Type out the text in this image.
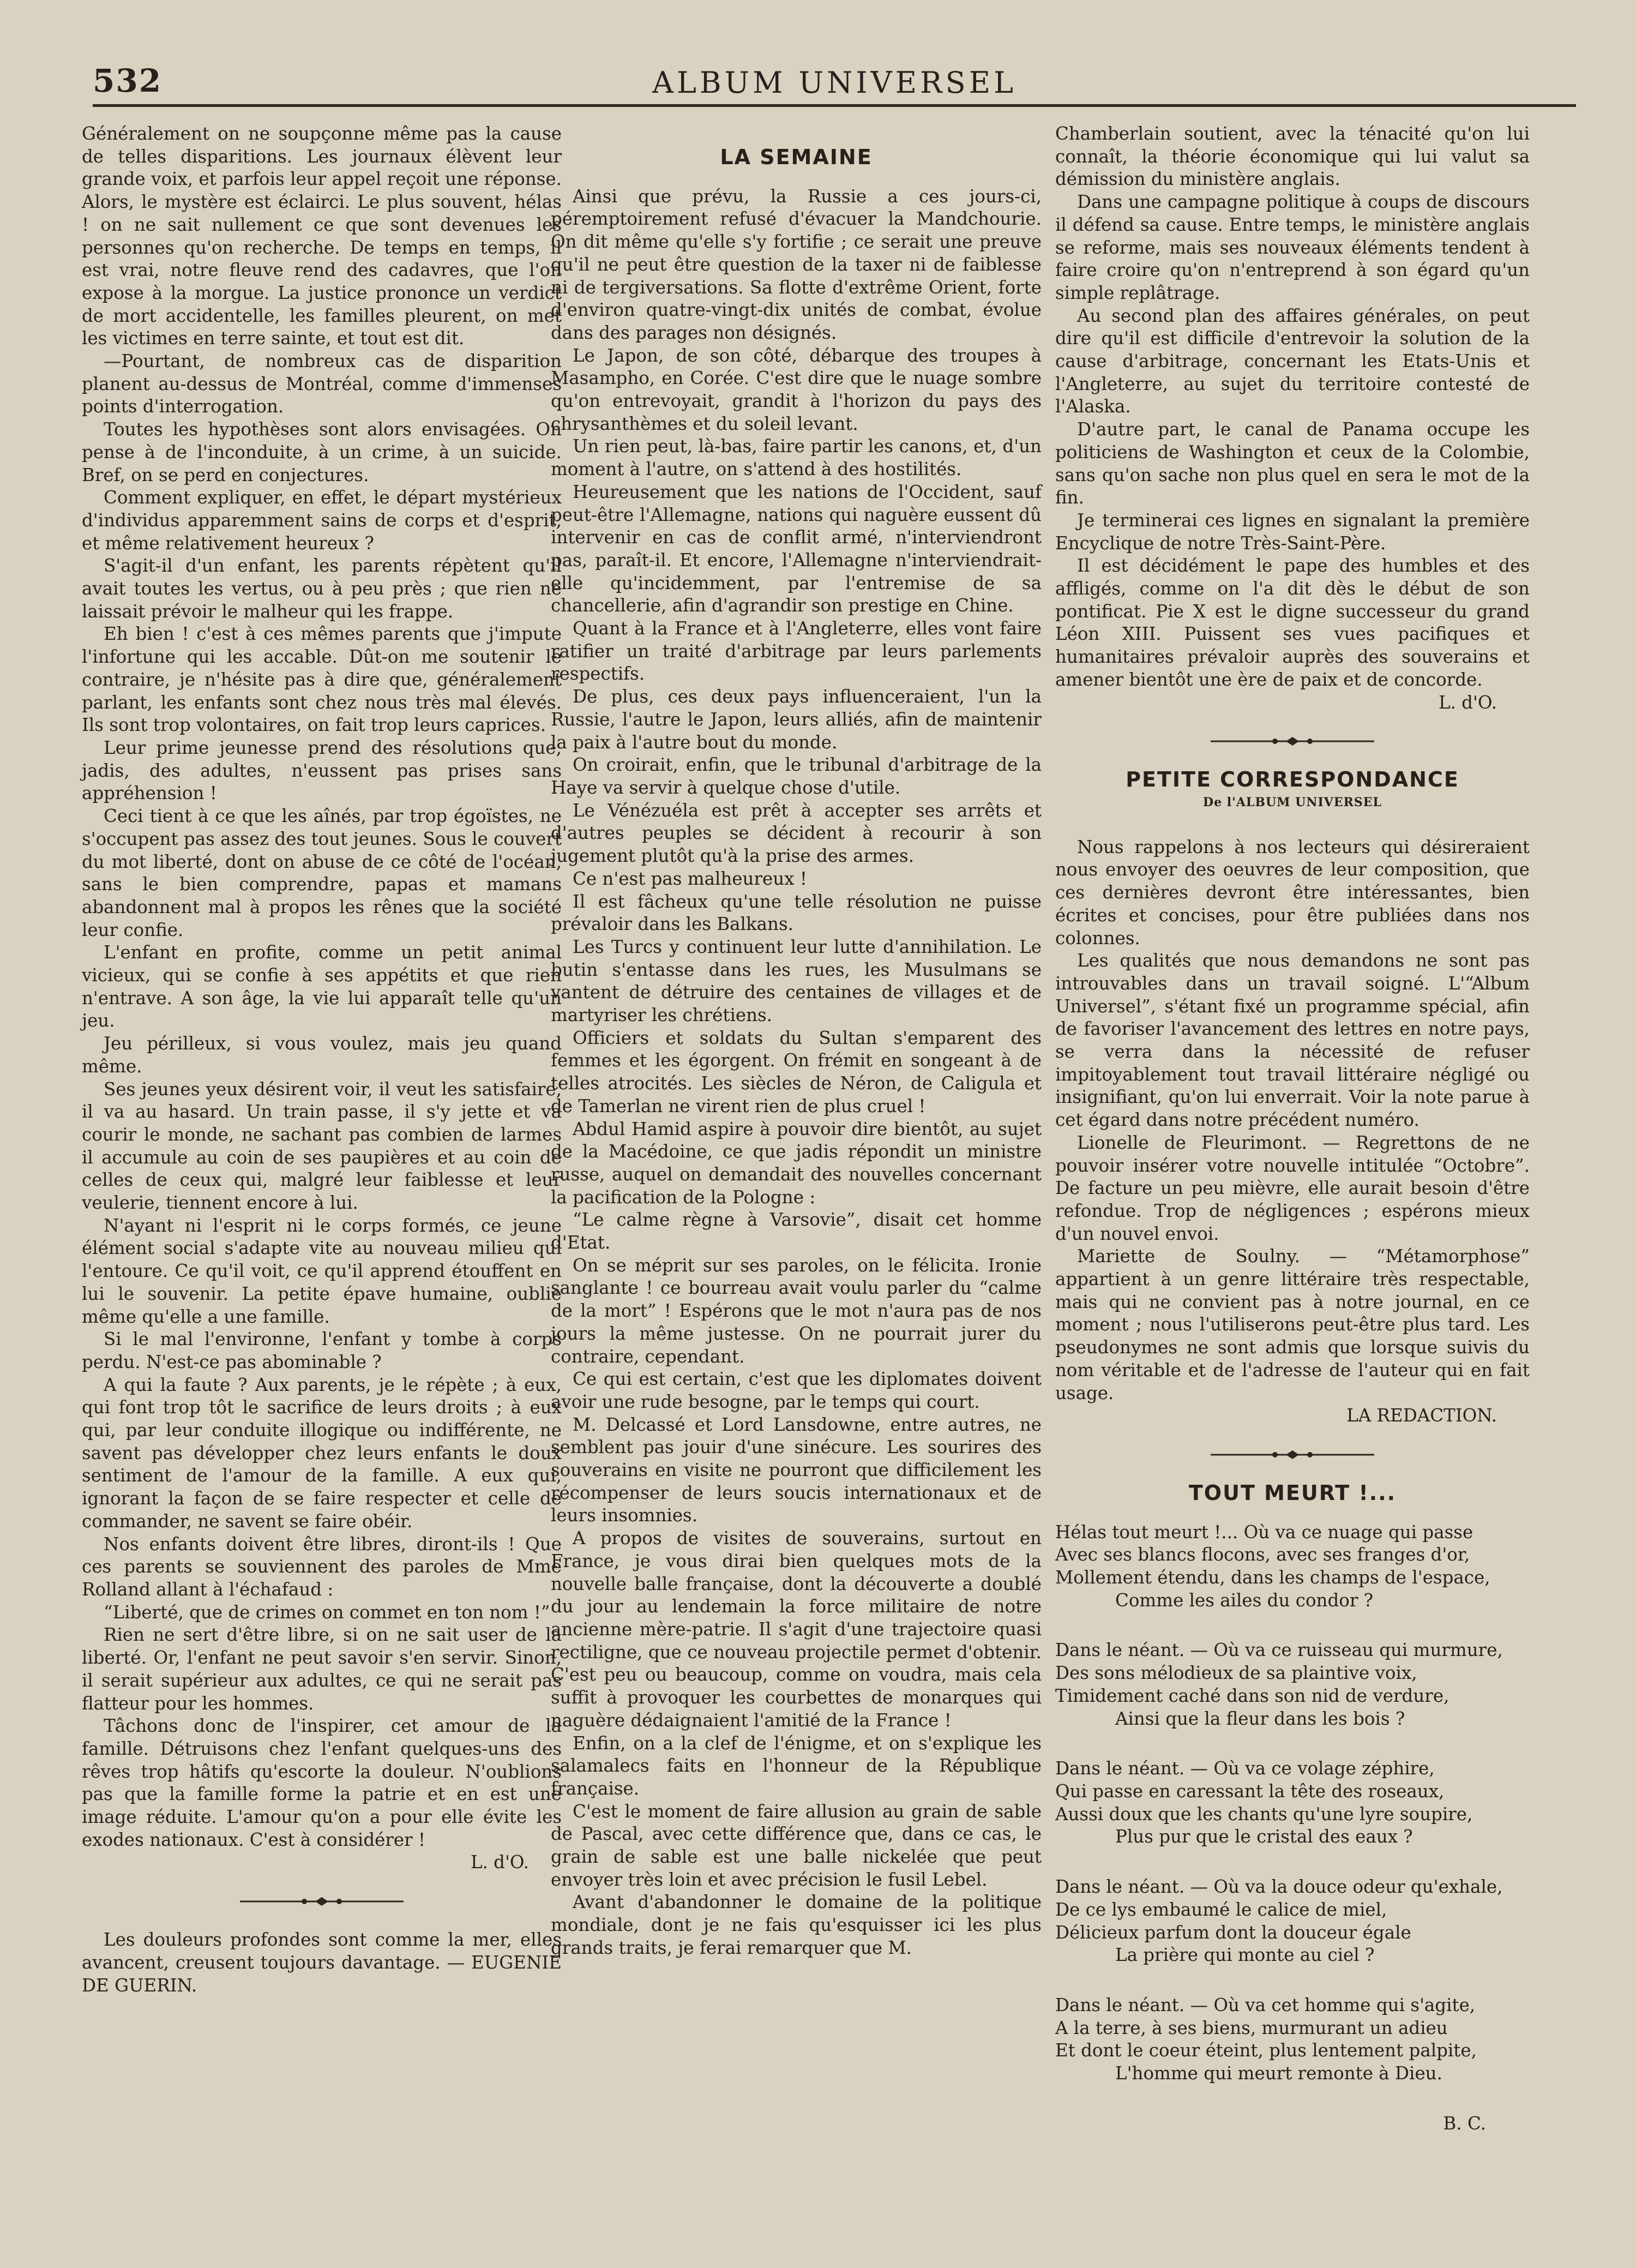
532	ALBUM UNIVERSEL

Généralement on ne soupçonne même pas la cause de telles disparitions. Les journaux élèvent leur grande voix, et parfois leur appel reçoit une réponse. Alors, le mystère est éclairci. Le plus souvent, hélas ! on ne sait nullement ce que sont devenues les personnes qu'on recherche. De temps en temps, il est vrai, notre fleuve rend des cadavres, que l'on expose à la morgue. La justice prononce un verdict de mort accidentelle, les familles pleurent, on met les victimes en terre sainte, et tout est dit.

—Pourtant, de nombreux cas de disparition planent au-dessus de Montréal, comme d'immenses points d'interrogation.

Toutes les hypothèses sont alors envisagées. On pense à de l'inconduite, à un crime, à un suicide. Bref, on se perd en conjectures.

Comment expliquer, en effet, le départ mystérieux d'individus apparemment sains de corps et d'esprit, et même relativement heureux ?

S'agit-il d'un enfant, les parents répètent qu'il avait toutes les vertus, ou à peu près ; que rien ne laissait prévoir le malheur qui les frappe.

Eh bien ! c'est à ces mêmes parents que j'impute l'infortune qui les accable. Dût-on me soutenir le contraire, je n'hésite pas à dire que, généralement parlant, les enfants sont chez nous très mal élevés. Ils sont trop volontaires, on fait trop leurs caprices.

Leur prime jeunesse prend des résolutions que, jadis, des adultes, n'eussent pas prises sans appréhension !

Ceci tient à ce que les aînés, par trop égoïstes, ne s'occupent pas assez des tout jeunes. Sous le couvert du mot liberté, dont on abuse de ce côté de l'océan, sans le bien comprendre, papas et mamans abandonnent mal à propos les rênes que la société leur confie.

L'enfant en profite, comme un petit animal vicieux, qui se confie à ses appétits et que rien n'entrave. A son âge, la vie lui apparaît telle qu'un jeu.

Jeu périlleux, si vous voulez, mais jeu quand même.

Ses jeunes yeux désirent voir, il veut les satisfaire, il va au hasard. Un train passe, il s'y jette et va courir le monde, ne sachant pas combien de larmes il accumule au coin de ses paupières et au coin de celles de ceux qui, malgré leur faiblesse et leur veulerie, tiennent encore à lui.

N'ayant ni l'esprit ni le corps formés, ce jeune élément social s'adapte vite au nouveau milieu qui l'entoure. Ce qu'il voit, ce qu'il apprend étouffent en lui le souvenir. La petite épave humaine, oublie même qu'elle a une famille.

Si le mal l'environne, l'enfant y tombe à corps perdu. N'est-ce pas abominable ?

A qui la faute ? Aux parents, je le répète ; à eux, qui font trop tôt le sacrifice de leurs droits ; à eux qui, par leur conduite illogique ou indifférente, ne savent pas développer chez leurs enfants le doux sentiment de l'amour de la famille. A eux qui, ignorant la façon de se faire respecter et celle de commander, ne savent se faire obéir.

Nos enfants doivent être libres, diront-ils ! Que ces parents se souviennent des paroles de Mme Rolland allant à l'échafaud :

“Liberté, que de crimes on commet en ton nom !”

Rien ne sert d'être libre, si on ne sait user de la liberté. Or, l'enfant ne peut savoir s'en servir. Sinon, il serait supérieur aux adultes, ce qui ne serait pas flatteur pour les hommes.

Tâchons donc de l'inspirer, cet amour de la famille. Détruisons chez l'enfant quelques-uns des rêves trop hâtifs qu'escorte la douleur. N'oublions pas que la famille forme la patrie et en est une image réduite. L'amour qu'on a pour elle évite les exodes nationaux. C'est à considérer !

L. d'O.

Les douleurs profondes sont comme la mer, elles avancent, creusent toujours davantage. — EUGENIE DE GUERIN.

LA SEMAINE

Ainsi que prévu, la Russie a ces jours-ci, péremptoirement refusé d'évacuer la Mandchourie. On dit même qu'elle s'y fortifie ; ce serait une preuve qu'il ne peut être question de la taxer ni de faiblesse ni de tergiversations. Sa flotte d'extrême Orient, forte d'environ quatre-vingt-dix unités de combat, évolue dans des parages non désignés.

Le Japon, de son côté, débarque des troupes à Masampho, en Corée. C'est dire que le nuage sombre qu'on entrevoyait, grandit à l'horizon du pays des chrysanthèmes et du soleil levant.

Un rien peut, là-bas, faire partir les canons, et, d'un moment à l'autre, on s'attend à des hostilités.

Heureusement que les nations de l'Occident, sauf peut-être l'Allemagne, nations qui naguère eussent dû intervenir en cas de conflit armé, n'interviendront pas, paraît-il. Et encore, l'Allemagne n'interviendrait-elle qu'incidemment, par l'entremise de sa chancellerie, afin d'agrandir son prestige en Chine.

Quant à la France et à l'Angleterre, elles vont faire ratifier un traité d'arbitrage par leurs parlements respectifs.

De plus, ces deux pays influenceraient, l'un la Russie, l'autre le Japon, leurs alliés, afin de maintenir la paix à l'autre bout du monde.

On croirait, enfin, que le tribunal d'arbitrage de la Haye va servir à quelque chose d'utile.

Le Vénézuéla est prêt à accepter ses arrêts et d'autres peuples se décident à recourir à son jugement plutôt qu'à la prise des armes.

Ce n'est pas malheureux !

Il est fâcheux qu'une telle résolution ne puisse prévaloir dans les Balkans.

Les Turcs y continuent leur lutte d'annihilation. Le butin s'entasse dans les rues, les Musulmans se vantent de détruire des centaines de villages et de martyriser les chrétiens.

Officiers et soldats du Sultan s'emparent des femmes et les égorgent. On frémit en songeant à de telles atrocités. Les siècles de Néron, de Caligula et de Tamerlan ne virent rien de plus cruel !

Abdul Hamid aspire à pouvoir dire bientôt, au sujet de la Macédoine, ce que jadis répondit un ministre russe, auquel on demandait des nouvelles concernant la pacification de la Pologne :

“Le calme règne à Varsovie”, disait cet homme d'Etat.

On se méprit sur ses paroles, on le félicita. Ironie sanglante ! ce bourreau avait voulu parler du “calme de la mort” ! Espérons que le mot n'aura pas de nos jours la même justesse. On ne pourrait jurer du contraire, cependant.

Ce qui est certain, c'est que les diplomates doivent avoir une rude besogne, par le temps qui court.

M. Delcassé et Lord Lansdowne, entre autres, ne semblent pas jouir d'une sinécure. Les sourires des souverains en visite ne pourront que difficilement les récompenser de leurs soucis internationaux et de leurs insomnies.

A propos de visites de souverains, surtout en France, je vous dirai bien quelques mots de la nouvelle balle française, dont la découverte a doublé du jour au lendemain la force militaire de notre ancienne mère-patrie. Il s'agit d'une trajectoire quasi rectiligne, que ce nouveau projectile permet d'obtenir. C'est peu ou beaucoup, comme on voudra, mais cela suffit à provoquer les courbettes de monarques qui naguère dédaignaient l'amitié de la France !

Enfin, on a la clef de l'énigme, et on s'explique les salamalecs faits en l'honneur de la République française.

C'est le moment de faire allusion au grain de sable de Pascal, avec cette différence que, dans ce cas, le grain de sable est une balle nickelée que peut envoyer très loin et avec précision le fusil Lebel.

Avant d'abandonner le domaine de la politique mondiale, dont je ne fais qu'esquisser ici les plus grands traits, je ferai remarquer que M.

Chamberlain soutient, avec la ténacité qu'on lui connaît, la théorie économique qui lui valut sa démission du ministère anglais.

Dans une campagne politique à coups de discours il défend sa cause. Entre temps, le ministère anglais se reforme, mais ses nouveaux éléments tendent à faire croire qu'on n'entreprend à son égard qu'un simple replâtrage.

Au second plan des affaires générales, on peut dire qu'il est difficile d'entrevoir la solution de la cause d'arbitrage, concernant les Etats-Unis et l'Angleterre, au sujet du territoire contesté de l'Alaska.

D'autre part, le canal de Panama occupe les politiciens de Washington et ceux de la Colombie, sans qu'on sache non plus quel en sera le mot de la fin.

Je terminerai ces lignes en signalant la première Encyclique de notre Très-Saint-Père.

Il est décidément le pape des humbles et des affligés, comme on l'a dit dès le début de son pontificat. Pie X est le digne successeur du grand Léon XIII. Puissent ses vues pacifiques et humanitaires prévaloir auprès des souverains et amener bientôt une ère de paix et de concorde.

L. d'O.

PETITE CORRESPONDANCE
De l'ALBUM UNIVERSEL

Nous rappelons à nos lecteurs qui désireraient nous envoyer des oeuvres de leur composition, que ces dernières devront être intéressantes, bien écrites et concises, pour être publiées dans nos colonnes.

Les qualités que nous demandons ne sont pas introuvables dans un travail soigné. L'“Album Universel”, s'étant fixé un programme spécial, afin de favoriser l'avancement des lettres en notre pays, se verra dans la nécessité de refuser impitoyablement tout travail littéraire négligé ou insignifiant, qu'on lui enverrait. Voir la note parue à cet égard dans notre précédent numéro.

Lionelle de Fleurimont. — Regrettons de ne pouvoir insérer votre nouvelle intitulée “Octobre”. De facture un peu mièvre, elle aurait besoin d'être refondue. Trop de négligences ; espérons mieux d'un nouvel envoi.

Mariette de Soulny. — “Métamorphose” appartient à un genre littéraire très respectable, mais qui ne convient pas à notre journal, en ce moment ; nous l'utiliserons peut-être plus tard. Les pseudonymes ne sont admis que lorsque suivis du nom véritable et de l'adresse de l'auteur qui en fait usage.

LA REDACTION.

TOUT MEURT !...
Hélas tout meurt !... Où va ce nuage qui passe
Avec ses blancs flocons, avec ses franges d'or,
Mollement étendu, dans les champs de l'espace,
Comme les ailes du condor ?
Dans le néant. — Où va ce ruisseau qui murmure,
Des sons mélodieux de sa plaintive voix,
Timidement caché dans son nid de verdure,
Ainsi que la fleur dans les bois ?
Dans le néant. — Où va ce volage zéphire,
Qui passe en caressant la tête des roseaux,
Aussi doux que les chants qu'une lyre soupire,
Plus pur que le cristal des eaux ?
Dans le néant. — Où va la douce odeur qu'exhale,
De ce lys embaumé le calice de miel,
Délicieux parfum dont la douceur égale
La prière qui monte au ciel ?
Dans le néant. — Où va cet homme qui s'agite,
A la terre, à ses biens, murmurant un adieu
Et dont le coeur éteint, plus lentement palpite,
L'homme qui meurt remonte à Dieu.

B. C.
